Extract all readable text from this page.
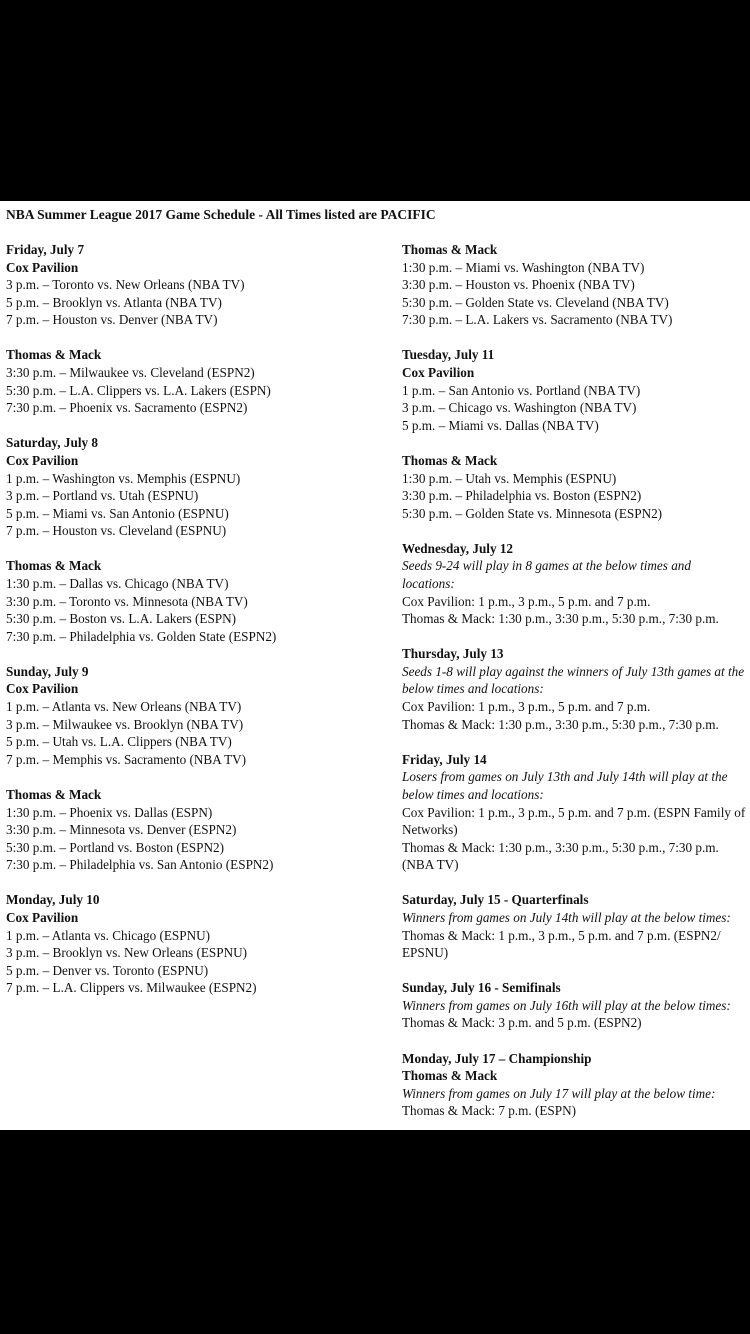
NBA Summer League 2017 Game Schedule - All Times listed are PACIFIC
Friday, July 7
Cox Pavilion
3 p.m. – Toronto vs. New Orleans (NBA TV)
5 p.m. – Brooklyn vs. Atlanta (NBA TV)
7 p.m. – Houston vs. Denver (NBA TV)
Thomas & Mack
3:30 p.m. – Milwaukee vs. Cleveland (ESPN2)
5:30 p.m. – L.A. Clippers vs. L.A. Lakers (ESPN)
7:30 p.m. – Phoenix vs. Sacramento (ESPN2)
Saturday, July 8
Cox Pavilion
1 p.m. – Washington vs. Memphis (ESPNU)
3 p.m. – Portland vs. Utah (ESPNU)
5 p.m. – Miami vs. San Antonio (ESPNU)
7 p.m. – Houston vs. Cleveland (ESPNU)
Thomas & Mack
1:30 p.m. – Dallas vs. Chicago (NBA TV)
3:30 p.m. – Toronto vs. Minnesota (NBA TV)
5:30 p.m. – Boston vs. L.A. Lakers (ESPN)
7:30 p.m. – Philadelphia vs. Golden State (ESPN2)
Sunday, July 9
Cox Pavilion
1 p.m. – Atlanta vs. New Orleans (NBA TV)
3 p.m. – Milwaukee vs. Brooklyn (NBA TV)
5 p.m. – Utah vs. L.A. Clippers (NBA TV)
7 p.m. – Memphis vs. Sacramento (NBA TV)
Thomas & Mack
1:30 p.m. – Phoenix vs. Dallas (ESPN)
3:30 p.m. – Minnesota vs. Denver (ESPN2)
5:30 p.m. – Portland vs. Boston (ESPN2)
7:30 p.m. – Philadelphia vs. San Antonio (ESPN2)
Monday, July 10
Cox Pavilion
1 p.m. – Atlanta vs. Chicago (ESPNU)
3 p.m. – Brooklyn vs. New Orleans (ESPNU)
5 p.m. – Denver vs. Toronto (ESPNU)
7 p.m. – L.A. Clippers vs. Milwaukee (ESPN2)
Thomas & Mack
1:30 p.m. – Miami vs. Washington (NBA TV)
3:30 p.m. – Houston vs. Phoenix (NBA TV)
5:30 p.m. – Golden State vs. Cleveland (NBA TV)
7:30 p.m. – L.A. Lakers vs. Sacramento (NBA TV)
Tuesday, July 11
Cox Pavilion
1 p.m. – San Antonio vs. Portland (NBA TV)
3 p.m. – Chicago vs. Washington (NBA TV)
5 p.m. – Miami vs. Dallas (NBA TV)
Thomas & Mack
1:30 p.m. – Utah vs. Memphis (ESPNU)
3:30 p.m. – Philadelphia vs. Boston (ESPN2)
5:30 p.m. – Golden State vs. Minnesota (ESPN2)
Wednesday, July 12
Seeds 9-24 will play in 8 games at the below times and locations:
Cox Pavilion: 1 p.m., 3 p.m., 5 p.m. and 7 p.m.
Thomas & Mack: 1:30 p.m., 3:30 p.m., 5:30 p.m., 7:30 p.m.
Thursday, July 13
Seeds 1-8 will play against the winners of July 13th games at the below times and locations:
Cox Pavilion: 1 p.m., 3 p.m., 5 p.m. and 7 p.m.
Thomas & Mack: 1:30 p.m., 3:30 p.m., 5:30 p.m., 7:30 p.m.
Friday, July 14
Losers from games on July 13th and July 14th will play at the below times and locations:
Cox Pavilion: 1 p.m., 3 p.m., 5 p.m. and 7 p.m. (ESPN Family of Networks)
Thomas & Mack: 1:30 p.m., 3:30 p.m., 5:30 p.m., 7:30 p.m. (NBA TV)
Saturday, July 15 - Quarterfinals
Winners from games on July 14th will play at the below times:
Thomas & Mack: 1 p.m., 3 p.m., 5 p.m. and 7 p.m. (ESPN2/ EPSNU)
Sunday, July 16 - Semifinals
Winners from games on July 16th will play at the below times:
Thomas & Mack: 3 p.m. and 5 p.m. (ESPN2)
Monday, July 17 – Championship
Thomas & Mack
Winners from games on July 17 will play at the below time:
Thomas & Mack: 7 p.m. (ESPN)
